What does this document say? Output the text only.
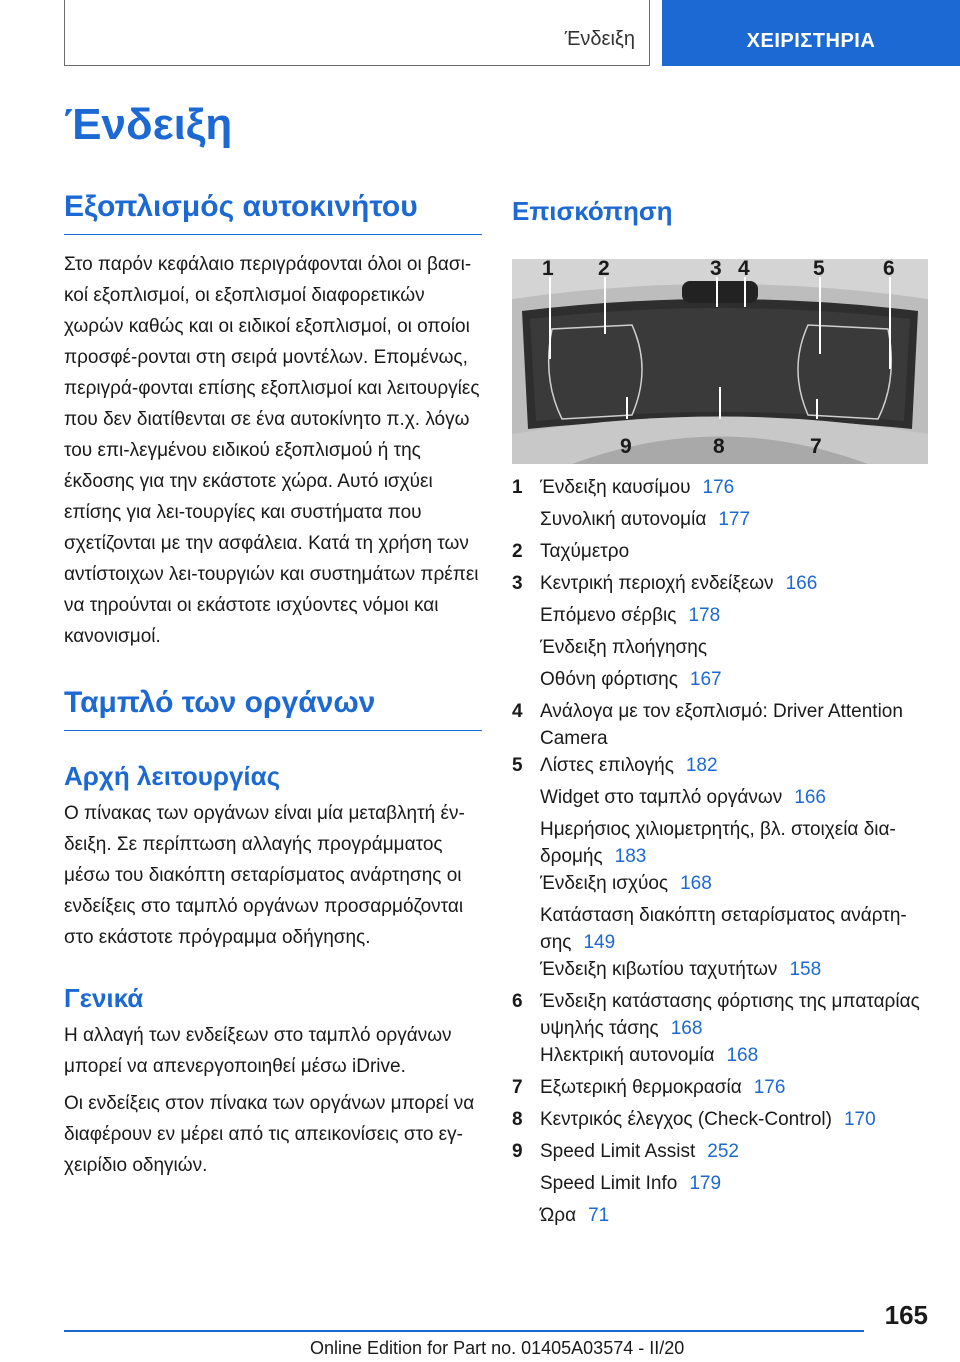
Ένδειξη	ΧΕΙΡΙΣΤΗΡΙΑ
Ένδειξη
Εξοπλισμός αυτοκινήτου

Στο παρόν κεφάλαιο περιγράφονται όλοι οι βασι-κοί εξοπλισμοί, οι εξοπλισμοί διαφορετικών χωρών καθώς και οι ειδικοί εξοπλισμοί, οι οποίοι προσφέ-ρονται στη σειρά μοντέλων. Επομένως, περιγρά-φονται επίσης εξοπλισμοί και λειτουργίες που δεν διατίθενται σε ένα αυτοκίνητο π.χ. λόγω του επι-λεγμένου ειδικού εξοπλισμού ή της έκδοσης για την εκάστοτε χώρα. Αυτό ισχύει επίσης για λει-τουργίες και συστήματα που σχετίζονται με την ασφάλεια. Κατά τη χρήση των αντίστοιχων λει-τουργιών και συστημάτων πρέπει να τηρούνται οι εκάστοτε ισχύοντες νόμοι και κανονισμοί.

Ταμπλό των οργάνων
Αρχή λειτουργίας

Ο πίνακας των οργάνων είναι μία μεταβλητή έν-δειξη. Σε περίπτωση αλλαγής προγράμματος μέσω του διακόπτη σεταρίσματος ανάρτησης οι ενδείξεις στο ταμπλό οργάνων προσαρμόζονται στο εκάστοτε πρόγραμμα οδήγησης.

Γενικά

Η αλλαγή των ενδείξεων στο ταμπλό οργάνων μπορεί να απενεργοποιηθεί μέσω iDrive.

Οι ενδείξεις στον πίνακα των οργάνων μπορεί να διαφέρουν εν μέρει από τις απεικονίσεις στο εγ-χειρίδιο οδηγιών.

Επισκόπηση
1 2	3 4	5	6
9	8	7
1 Ένδειξη καυσίμου 176
Συνολική αυτονομία 177
2 Ταχύμετρο
3 Κεντρική περιοχή ενδείξεων 166
Επόμενο σέρβις 178
Ένδειξη πλοήγησης
Οθόνη φόρτισης 167
4 Ανάλογα με τον εξοπλισμό: Driver Attention Camera
5 Λίστες επιλογής 182
Widget στο ταμπλό οργάνων 166
Ημερήσιος χιλιομετρητής, βλ. στοιχεία δια-δρομής 183
Ένδειξη ισχύος 168
Κατάσταση διακόπτη σεταρίσματος ανάρτη-σης 149
Ένδειξη κιβωτίου ταχυτήτων 158
6 Ένδειξη κατάστασης φόρτισης της μπαταρίας υψηλής τάσης 168
Ηλεκτρική αυτονομία 168
7 Εξωτερική θερμοκρασία 176
8 Κεντρικός έλεγχος (Check-Control) 170
9 Speed Limit Assist 252
Speed Limit Info 179
Ώρα 71
165
Online Edition for Part no. 01405A03574 - II/20
